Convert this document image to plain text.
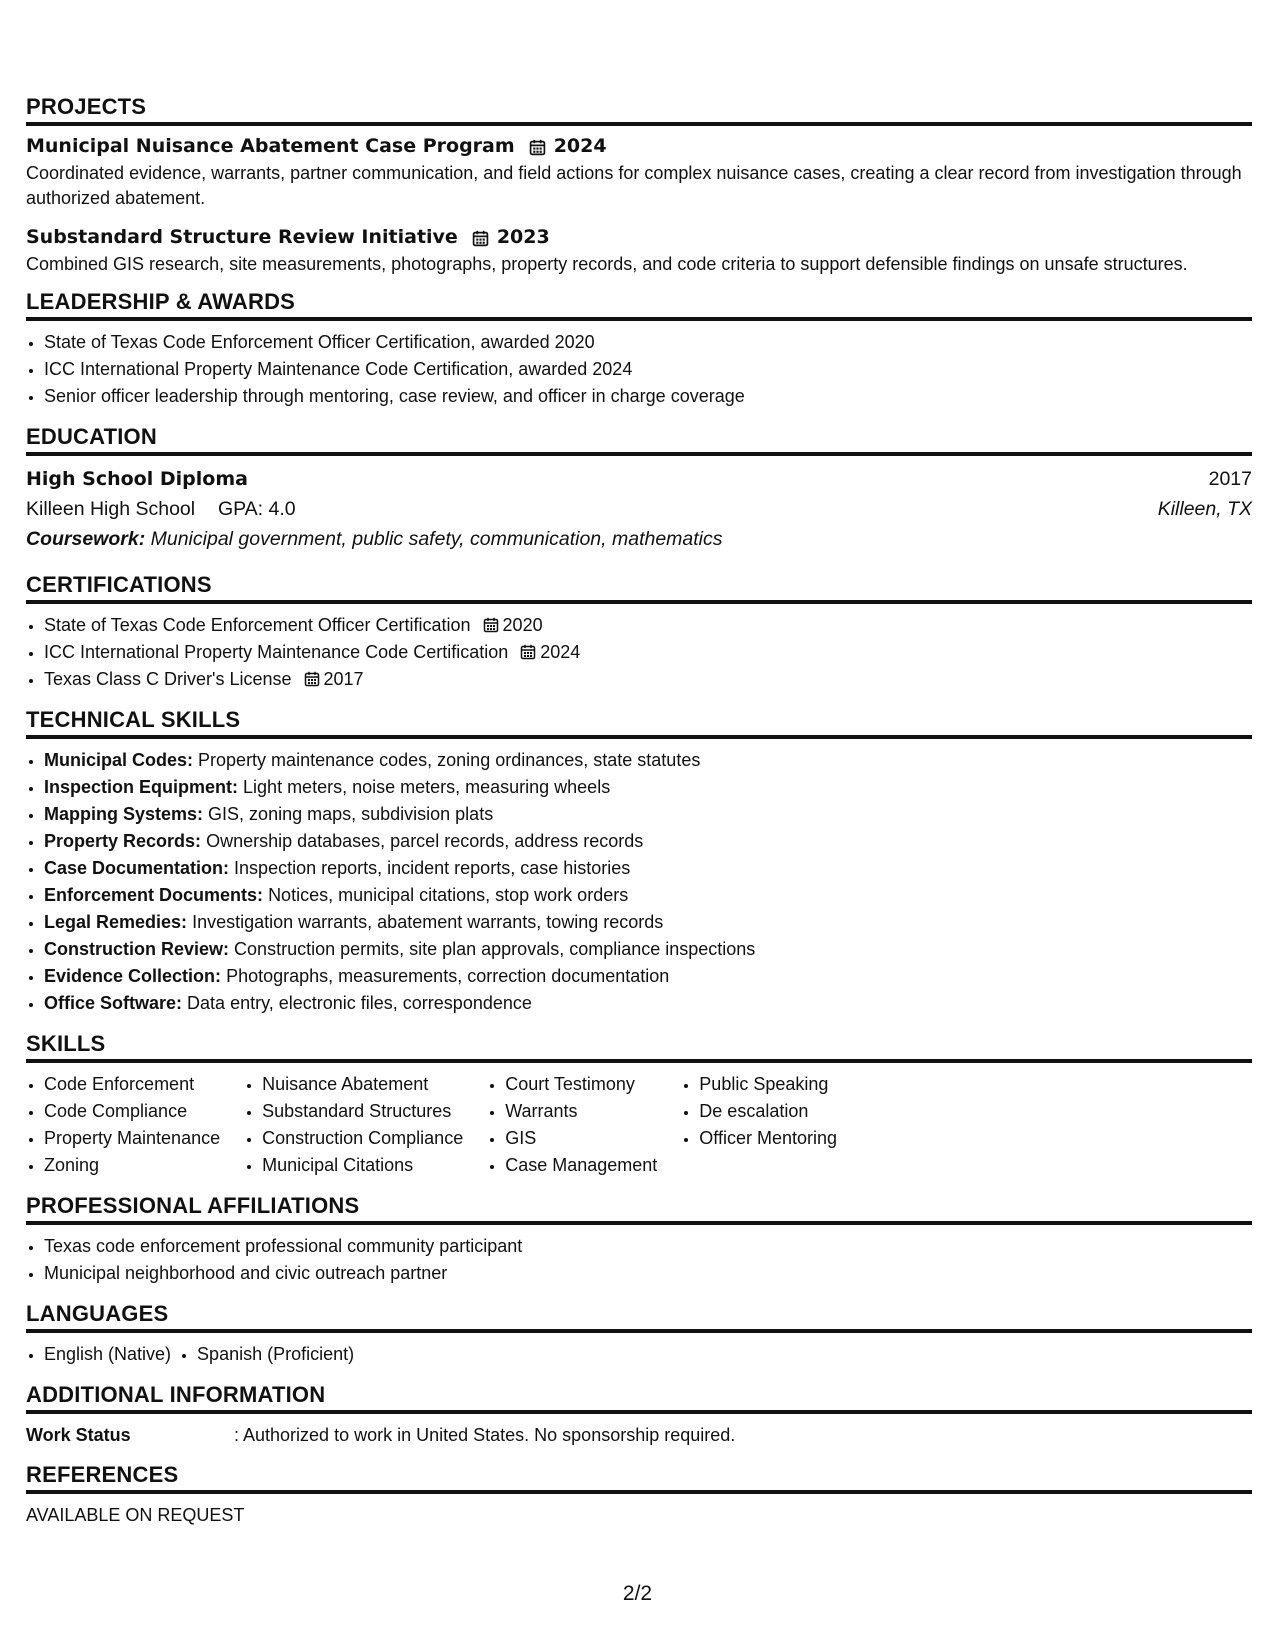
PROJECTS
Municipal Nuisance Abatement Case Program 2024

Coordinated evidence, warrants, partner communication, and field actions for complex nuisance cases, creating a clear record from investigation through authorized abatement.

Substandard Structure Review Initiative 2023

Combined GIS research, site measurements, photographs, property records, and code criteria to support defensible findings on unsafe structures.

LEADERSHIP & AWARDS
• State of Texas Code Enforcement Officer Certification, awarded 2020
• ICC International Property Maintenance Code Certification, awarded 2024
• Senior officer leadership through mentoring, case review, and officer in charge coverage
EDUCATION
High School Diploma	2017
Killeen High School GPA: 4.0	Killeen, TX
Coursework: Municipal government, public safety, communication, mathematics
CERTIFICATIONS
• State of Texas Code Enforcement Officer Certification 2020
• ICC International Property Maintenance Code Certification 2024
• Texas Class C Driver's License 2017
TECHNICAL SKILLS
• Municipal Codes: Property maintenance codes, zoning ordinances, state statutes
• Inspection Equipment: Light meters, noise meters, measuring wheels
• Mapping Systems: GIS, zoning maps, subdivision plats
• Property Records: Ownership databases, parcel records, address records
• Case Documentation: Inspection reports, incident reports, case histories
• Enforcement Documents: Notices, municipal citations, stop work orders
• Legal Remedies: Investigation warrants, abatement warrants, towing records
• Construction Review: Construction permits, site plan approvals, compliance inspections
• Evidence Collection: Photographs, measurements, correction documentation
• Office Software: Data entry, electronic files, correspondence
SKILLS
• Code Enforcement
• Code Compliance
• Property Maintenance
• Zoning
• Nuisance Abatement
• Substandard Structures
• Construction Compliance
• Municipal Citations
• Court Testimony
• Warrants
• GIS
• Case Management
• Public Speaking
• De escalation
• Officer Mentoring
PROFESSIONAL AFFILIATIONS
• Texas code enforcement professional community participant
• Municipal neighborhood and civic outreach partner
LANGUAGES
• English (Native)
• Spanish (Proficient)
ADDITIONAL INFORMATION
Work Status	: Authorized to work in United States. No sponsorship required.
REFERENCES
AVAILABLE ON REQUEST
2/2
